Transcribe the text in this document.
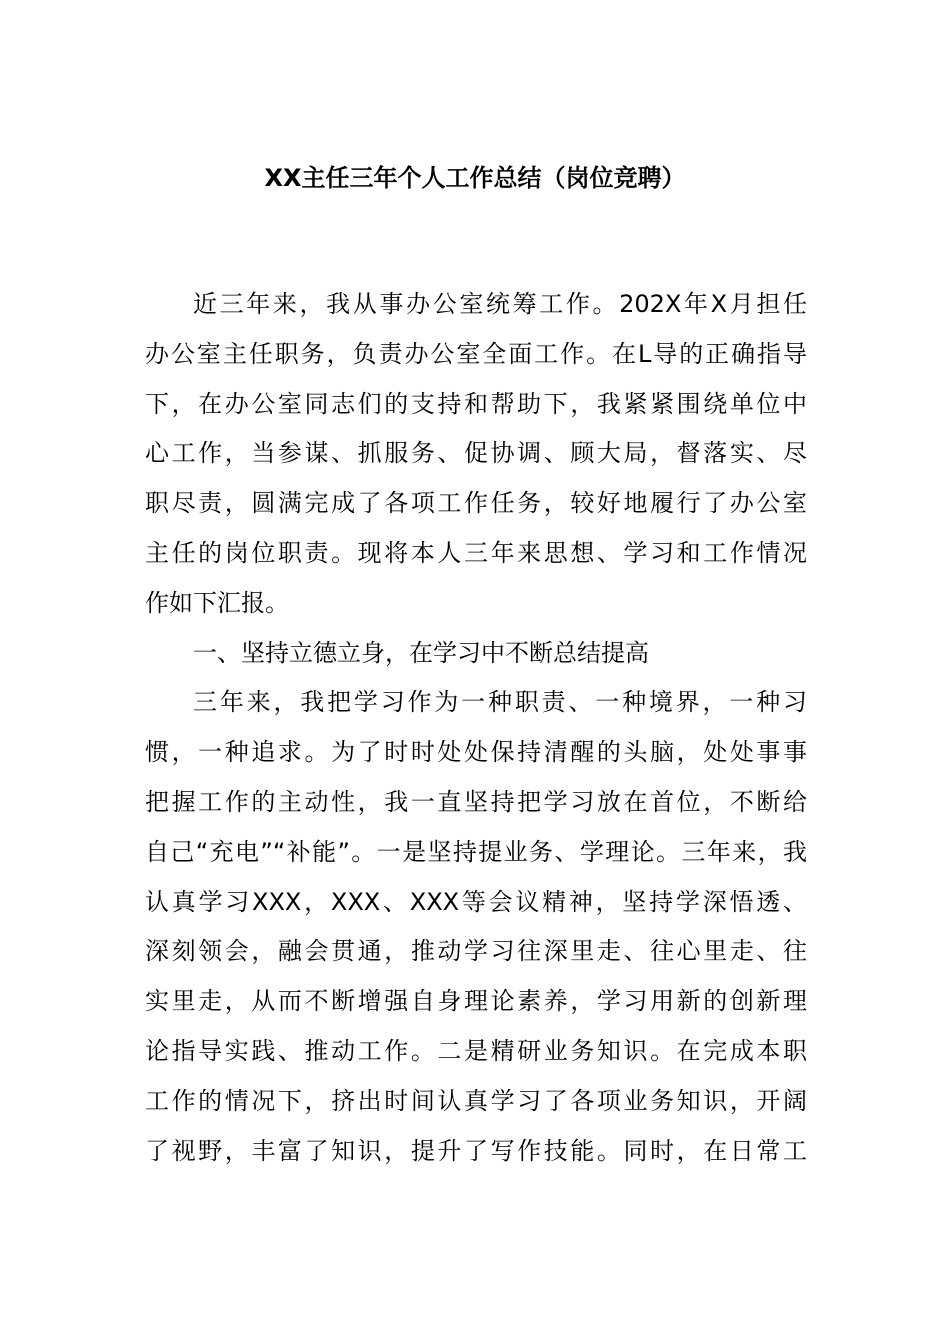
XX主任三年个人工作总结（岗位竞聘）
近三年来，我从事办公室统筹工作。202X年X月担任
办公室主任职务，负责办公室全面工作。在L导的正确指导
下，在办公室同志们的支持和帮助下，我紧紧围绕单位中
心工作，当参谋、抓服务、促协调、顾大局，督落实、尽
职尽责，圆满完成了各项工作任务，较好地履行了办公室
主任的岗位职责。现将本人三年来思想、学习和工作情况
作如下汇报。
一、坚持立德立身，在学习中不断总结提高
三年来，我把学习作为一种职责、一种境界，一种习
惯，一种追求。为了时时处处保持清醒的头脑，处处事事
把握工作的主动性，我一直坚持把学习放在首位，不断给
自己“充电”“补能”。一是坚持提业务、学理论。三年来，我
认真学习XXX，XXX、XXX等会议精神，坚持学深悟透、
深刻领会，融会贯通，推动学习往深里走、往心里走、往
实里走，从而不断增强自身理论素养，学习用新的创新理
论指导实践、推动工作。二是精研业务知识。在完成本职
工作的情况下，挤出时间认真学习了各项业务知识，开阔
了视野，丰富了知识，提升了写作技能。同时，在日常工
